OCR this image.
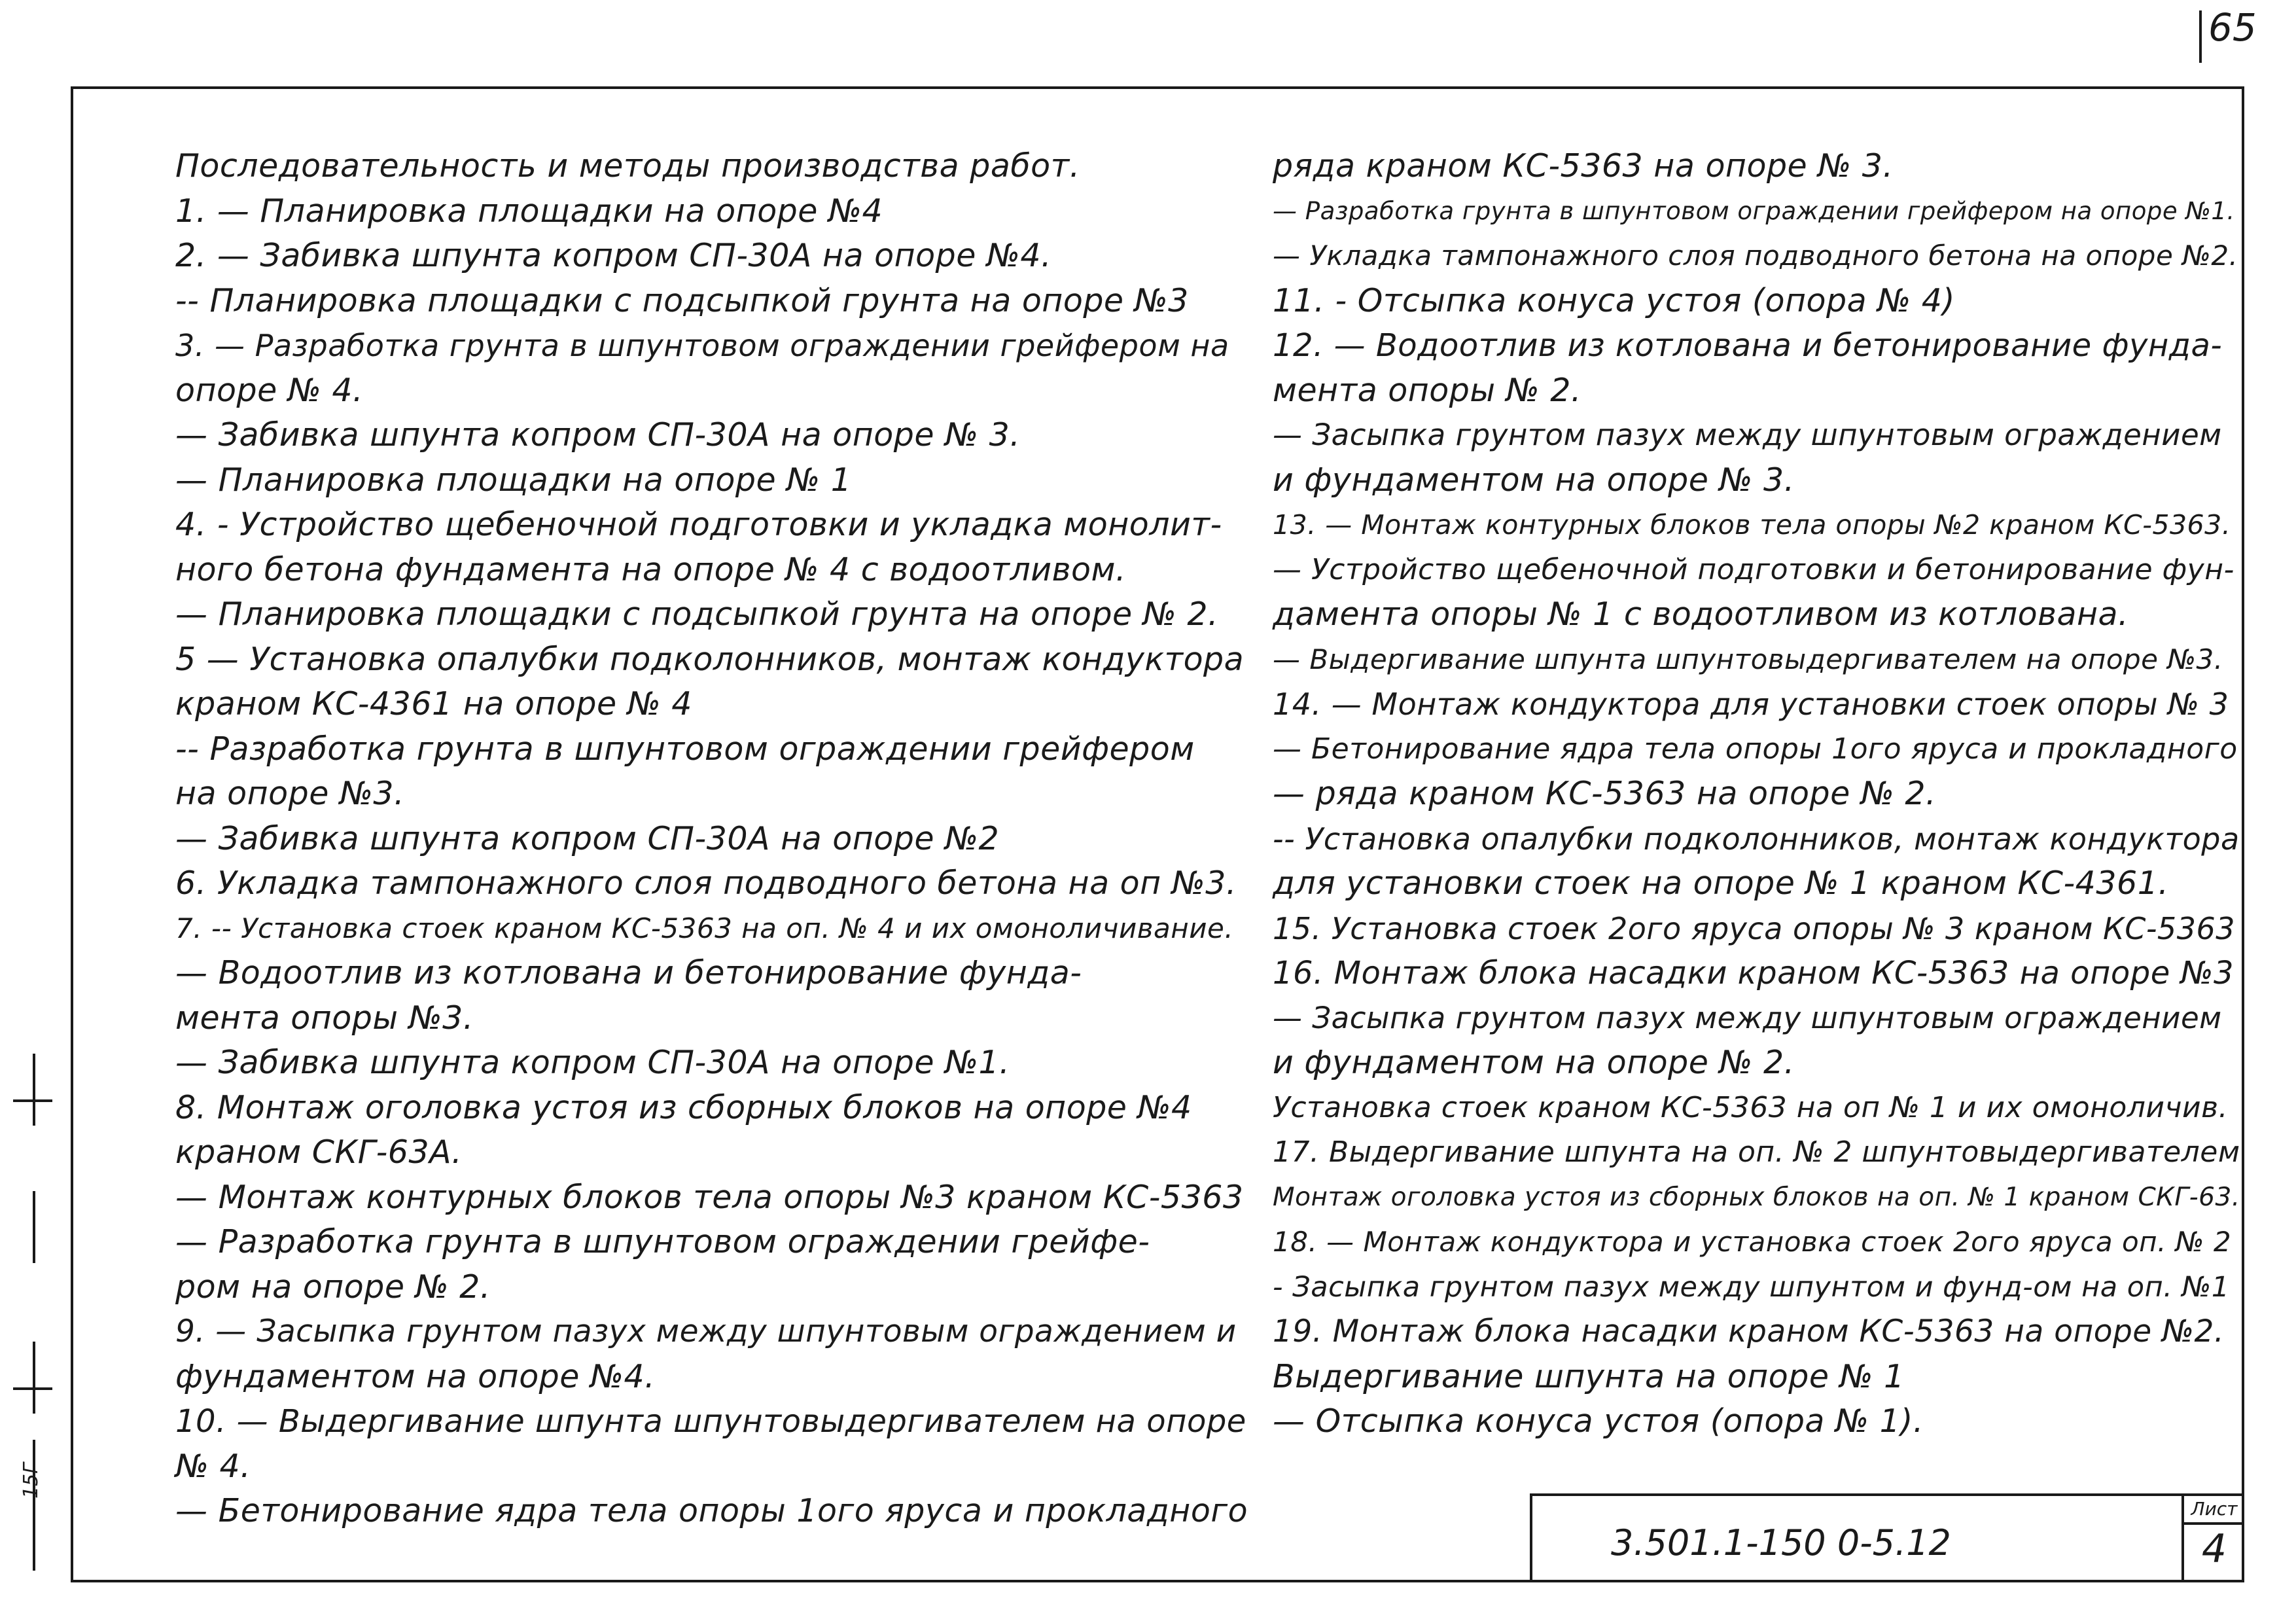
65
15Г
Последовательность и методы производства работ.
1. — Планировка площадки на опоре №4
2. — Забивка шпунта копром СП-30А на опоре №4.
-- Планировка площадки с подсыпкой грунта на опоре №3
3. — Разработка грунта в шпунтовом ограждении грейфером на
опоре № 4.
— Забивка шпунта копром СП-30А на опоре № 3.
— Планировка площадки на опоре № 1
4. - Устройство щебеночной подготовки и укладка монолит-
ного бетона фундамента на опоре № 4 с водоотливом.
— Планировка площадки с подсыпкой грунта на опоре № 2.
5 — Установка опалубки подколонников, монтаж кондуктора
краном КС-4361 на опоре № 4
-- Разработка грунта в шпунтовом ограждении грейфером
на опоре №3.
— Забивка шпунта копром СП-30А на опоре №2
6. Укладка тампонажного слоя подводного бетона на оп №3.
7. -- Установка стоек краном КС-5363 на оп. № 4 и их омоноличивание.
— Водоотлив из котлована и бетонирование фунда-
мента опоры №3.
— Забивка шпунта копром СП-30А на опоре №1.
8. Монтаж оголовка устоя из сборных блоков на опоре №4
краном СКГ-63А.
— Монтаж контурных блоков тела опоры №3 краном КС-5363
— Разработка грунта в шпунтовом ограждении грейфе-
ром на опоре № 2.
9. — Засыпка грунтом пазух между шпунтовым ограждением и
фундаментом на опоре №4.
10. — Выдергивание шпунта шпунтовыдергивателем на опоре
№ 4.
— Бетонирование ядра тела опоры 1ого яруса и прокладного
ряда краном КС-5363 на опоре № 3.
— Разработка грунта в шпунтовом ограждении грейфером на опоре №1.
— Укладка тампонажного слоя подводного бетона на опоре №2.
11. - Отсыпка конуса устоя (опора № 4)
12. — Водоотлив из котлована и бетонирование фунда-
мента опоры № 2.
— Засыпка грунтом пазух между шпунтовым ограждением
и фундаментом на опоре № 3.
13. — Монтаж контурных блоков тела опоры №2 краном КС-5363.
— Устройство щебеночной подготовки и бетонирование фун-
дамента опоры № 1 с водоотливом из котлована.
— Выдергивание шпунта шпунтовыдергивателем на опоре №3.
14. — Монтаж кондуктора для установки стоек опоры № 3
— Бетонирование ядра тела опоры 1ого яруса и прокладного
— ряда краном КС-5363 на опоре № 2.
-- Установка опалубки подколонников, монтаж кондуктора
для установки стоек на опоре № 1 краном КС-4361.
15. Установка стоек 2ого яруса опоры № 3 краном КС-5363
16. Монтаж блока насадки краном КС-5363 на опоре №3
— Засыпка грунтом пазух между шпунтовым ограждением
и фундаментом на опоре № 2.
Установка стоек краном КС-5363 на оп № 1 и их омоноличив.
17. Выдергивание шпунта на оп. № 2 шпунтовыдергивателем
Монтаж оголовка устоя из сборных блоков на оп. № 1 краном СКГ-63.
18. — Монтаж кондуктора и установка стоек 2ого яруса оп. № 2
- Засыпка грунтом пазух между шпунтом и фунд-ом на оп. №1
19. Монтаж блока насадки краном КС-5363 на опоре №2.
Выдергивание шпунта на опоре № 1
— Отсыпка конуса устоя (опора № 1).
3.501.1-150 0-5.12
Лист
4
